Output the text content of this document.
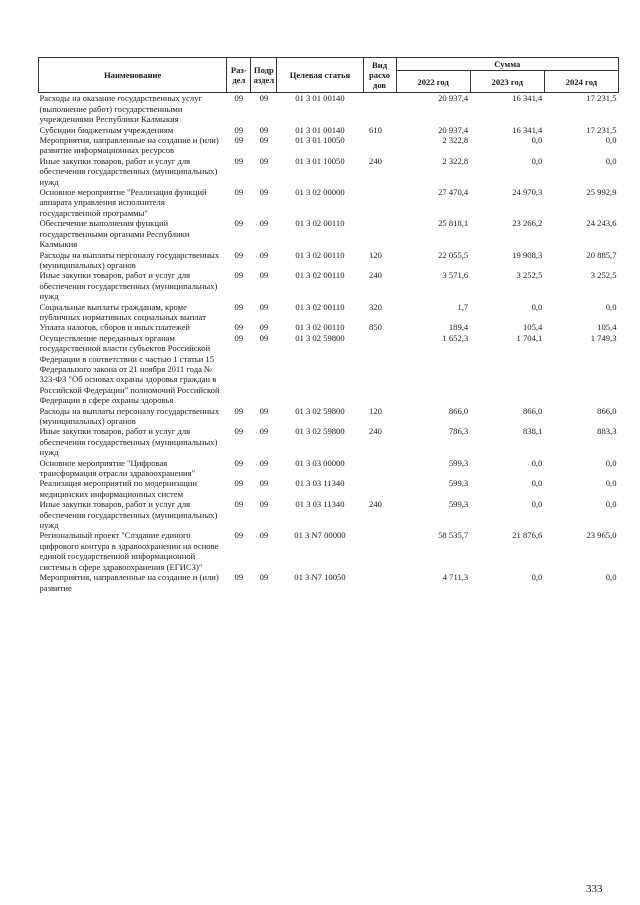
Наименование	Раз-дел	Подр аздел	Целевая статья	Вид расхо дов	Сумма		
					2022 год	2023 год	2024 год
Расходы на оказание государственных услуг (выполнение работ) государственными учреждениями Республики Калмыкия	09	09	01 3 01 00140		20 937,4	16 341,4	17 231,5
Субсидии бюджетным учреждениям	09	09	01 3 01 00140	610	20 937,4	16 341,4	17 231,5
Мероприятия, направленные на создание и (или) развитие информационных ресурсов	09	09	01 3 01 10050		2 322,8	0,0	0,0
Иные закупки товаров, работ и услуг для обеспечения государственных (муниципальных) нужд	09	09	01 3 01 10050	240	2 322,8	0,0	0,0
Основное мероприятие "Реализация функций аппарата управления исполнителя государственной программы"	09	09	01 3 02 00000		27 470,4	24 970,3	25 992,9
Обеспечение выполнения функций государственными органами Республики Калмыкия	09	09	01 3 02 00110		25 818,1	23 266,2	24 243,6
Расходы на выплаты персоналу государственных (муниципальных) органов	09	09	01 3 02 00110	120	22 055,5	19 908,3	20 885,7
Иные закупки товаров, работ и услуг для обеспечения государственных (муниципальных) нужд	09	09	01 3 02 00110	240	3 571,6	3 252,5	3 252,5
Социальные выплаты гражданам, кроме публичных нормативных социальных выплат	09	09	01 3 02 00110	320	1,7	0,0	0,0
Уплата налогов, сборов и иных платежей	09	09	01 3 02 00110	850	189,4	105,4	105,4
Осуществление переданных органам государственной власти субъектов Российской Федерации в соответствии с частью 1 статьи 15 Федерального закона от 21 ноября 2011 года № 323-ФЗ "Об основах охраны здоровья граждан в Российской Федерации" полномочий Российской Федерации в сфере охраны здоровья	09	09	01 3 02 59800		1 652,3	1 704,1	1 749,3
Расходы на выплаты персоналу государственных (муниципальных) органов	09	09	01 3 02 59800	120	866,0	866,0	866,0
Иные закупки товаров, работ и услуг для обеспечения государственных (муниципальных) нужд	09	09	01 3 02 59800	240	786,3	838,1	883,3
Основное мероприятие "Цифровая трансформация отрасли здравоохранения"	09	09	01 3 03 00000		599,3	0,0	0,0
Реализация мероприятий по модернизации медицинских информационных систем	09	09	01 3 03 11340		599,3	0,0	0,0
Иные закупки товаров, работ и услуг для обеспечения государственных (муниципальных) нужд	09	09	01 3 03 11340	240	599,3	0,0	0,0
Региональный проект "Создание единого цифрового контура в здравоохранении на основе единой государственной информационной системы в сфере здравоохранения (ЕГИСЗ)"	09	09	01 3 N7 00000		58 535,7	21 876,6	23 965,0
Мероприятия, направленные на создание и (или) развитие	09	09	01 3 N7 10050		4 711,3	0,0	0,0
333
